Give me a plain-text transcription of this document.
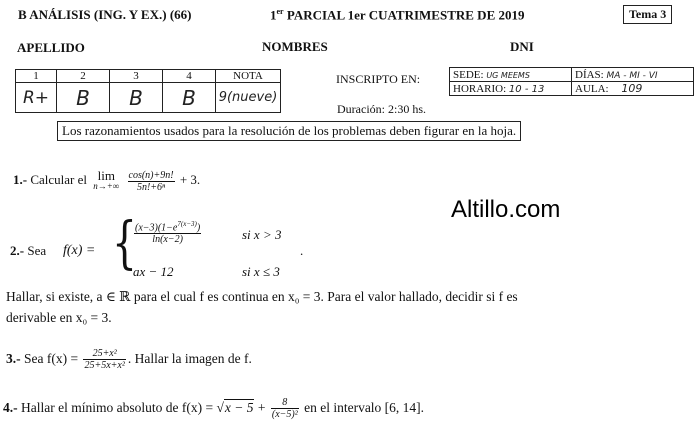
B ANÁLISIS (ING. Y EX.) (66)	1er PARCIAL 1er CUATRIMESTRE DE 2019	Tema 3
APELLIDO	NOMBRES	DNI
1	2	3	4	NOTA
R+	B	B	B	9(nueve)
INSCRIPTO EN:	SEDE: UG MEEMS	DÍAS: MA - MI - VI
HORARIO: 10 - 13	AULA: 109
Duración: 2:30 hs.
Los razonamientos usados para la resolución de los problemas deben figurar en la hoja.
Altillo.com
1.- Calcular el lim
n→+∞
$\frac{\cos(n)+9n!}{\text{5n!+6ⁿ}} + 3$.
2.- Sea f(x) = {
$\frac{(x-3)(1-e^{7(x-3)})}{\ln(x-2)}$	si x > 3
ax − 12	si x ≤ 3
.
Hallar, si existe, a ∈ ℝ para el cual f es continua en x₀ = 3. Para el valor hallado, decidir si f es
derivable en x₀ = 3.
3.- Sea $f(x) = \frac{\text{25+x²}}{\text{25+5x+x²}}$ . Hallar la imagen de f.
4.- Hallar el mínimo absoluto de $f(x) = √x - 5 + \frac{8}{\text{(x−5)²}}$ en el intervalo [6, 14].
